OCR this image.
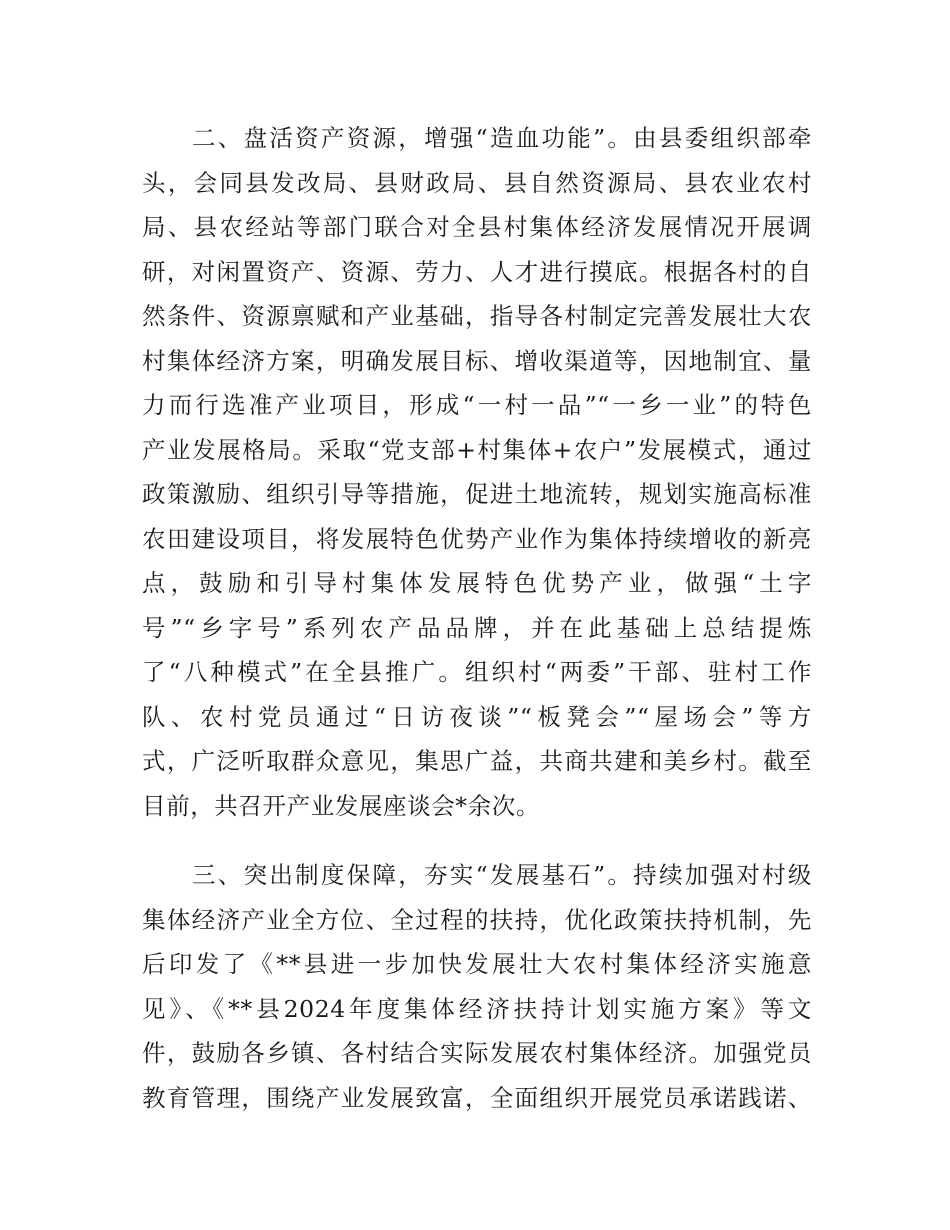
二、盘活资产资源，增强“造血功能”。由县委组织部牵
头，会同县发改局、县财政局、县自然资源局、县农业农村
局、县农经站等部门联合对全县村集体经济发展情况开展调
研，对闲置资产、资源、劳力、人才进行摸底。根据各村的自
然条件、资源禀赋和产业基础，指导各村制定完善发展壮大农
村集体经济方案，明确发展目标、增收渠道等，因地制宜、量
力而行选准产业项目，形成“一村一品”“一乡一业”的特色
产业发展格局。采取“党支部+村集体+农户”发展模式，通过
政策激励、组织引导等措施，促进土地流转，规划实施高标准
农田建设项目，将发展特色优势产业作为集体持续增收的新亮
点，鼓励和引导村集体发展特色优势产业，做强“土字
号”“乡字号”系列农产品品牌，并在此基础上总结提炼
了“八种模式”在全县推广。组织村“两委”干部、驻村工作
队、农村党员通过“日访夜谈”“板凳会”“屋场会”等方
式，广泛听取群众意见，集思广益，共商共建和美乡村。截至
目前，共召开产业发展座谈会*余次。

三、突出制度保障，夯实“发展基石”。持续加强对村级
集体经济产业全方位、全过程的扶持，优化政策扶持机制，先
后印发了《**县进一步加快发展壮大农村集体经济实施意
见》、《**县2024年度集体经济扶持计划实施方案》等文
件，鼓励各乡镇、各村结合实际发展农村集体经济。加强党员
教育管理，围绕产业发展致富，全面组织开展党员承诺践诺、
